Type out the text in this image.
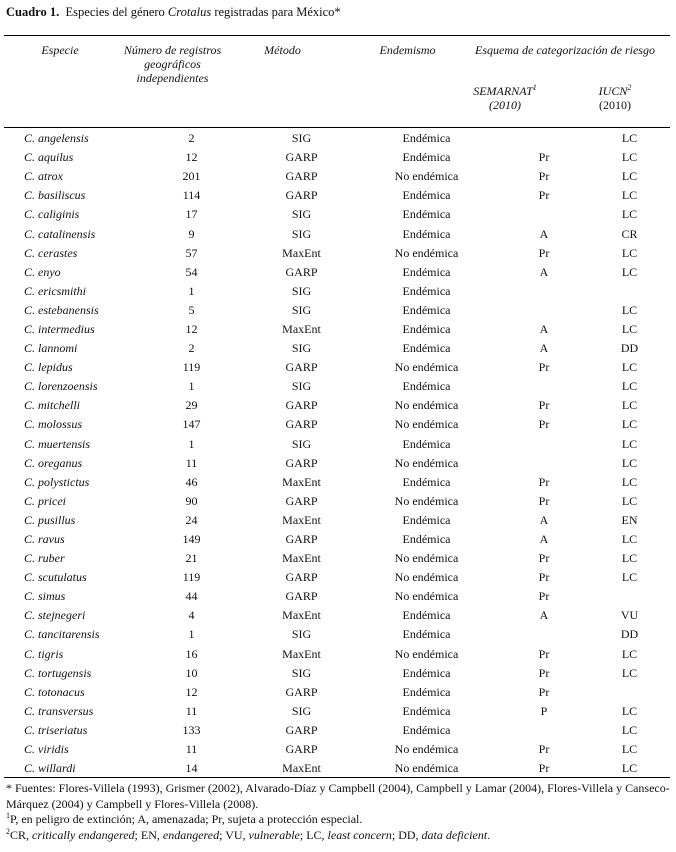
Cuadro 1. Especies del género Crotalus registradas para México*
Especie	Número de registros geográficos independientes
Método	Endemismo	Esquema de categorización de riesgo
SEMARNAT$^1$
(2010)
IUCN$^2$
(2010)
C. angelensis	2	SIG	Endémica		LC
C. aquilus	12	GARP	Endémica	Pr	LC
C. atrox	201	GARP	No endémica	Pr	LC
C. basiliscus	114	GARP	Endémica	Pr	LC
C. caliginis	17	SIG	Endémica		LC
C. catalinensis	9	SIG	Endémica	A	CR
C. cerastes	57	MaxEnt	No endémica	Pr	LC
C. enyo	54	GARP	Endémica	A	LC
C. ericsmithi	1	SIG	Endémica		
C. estebanensis	5	SIG	Endémica		LC
C. intermedius	12	MaxEnt	Endémica	A	LC
C. lannomi	2	SIG	Endémica	A	DD
C. lepidus	119	GARP	No endémica	Pr	LC
C. lorenzoensis	1	SIG	Endémica		LC
C. mitchelli	29	GARP	No endémica	Pr	LC
C. molossus	147	GARP	No endémica	Pr	LC
C. muertensis	1	SIG	Endémica		LC
C. oreganus	11	GARP	No endémica		LC
C. polystictus	46	MaxEnt	Endémica	Pr	LC
C. pricei	90	GARP	No endémica	Pr	LC
C. pusillus	24	MaxEnt	Endémica	A	EN
C. ravus	149	GARP	Endémica	A	LC
C. ruber	21	MaxEnt	No endémica	Pr	LC
C. scutulatus	119	GARP	No endémica	Pr	LC
C. simus	44	GARP	No endémica	Pr	
C. stejnegeri	4	MaxEnt	Endémica	A	VU
C. tancitarensis	1	SIG	Endémica		DD
C. tigris	16	MaxEnt	No endémica	Pr	LC
C. tortugensis	10	SIG	Endémica	Pr	LC
C. totonacus	12	GARP	Endémica	Pr	
C. transversus	11	SIG	Endémica	P	LC
C. triseriatus	133	GARP	Endémica		LC
C. viridis	11	GARP	No endémica	Pr	LC
C. willardi	14	MaxEnt	No endémica	Pr	LC
* Fuentes: Flores-Villela (1993), Grismer (2002), Alvarado-Díaz y Campbell (2004), Campbell y Lamar (2004), Flores-Villela y Canseco-Márquez (2004) y Campbell y Flores-Villela (2008).
$^1$P, en peligro de extinción; A, amenazada; Pr, sujeta a protección especial.
$^2$CR, critically endangered; EN, endangered; VU, vulnerable; LC, least concern; DD, data deficient.
